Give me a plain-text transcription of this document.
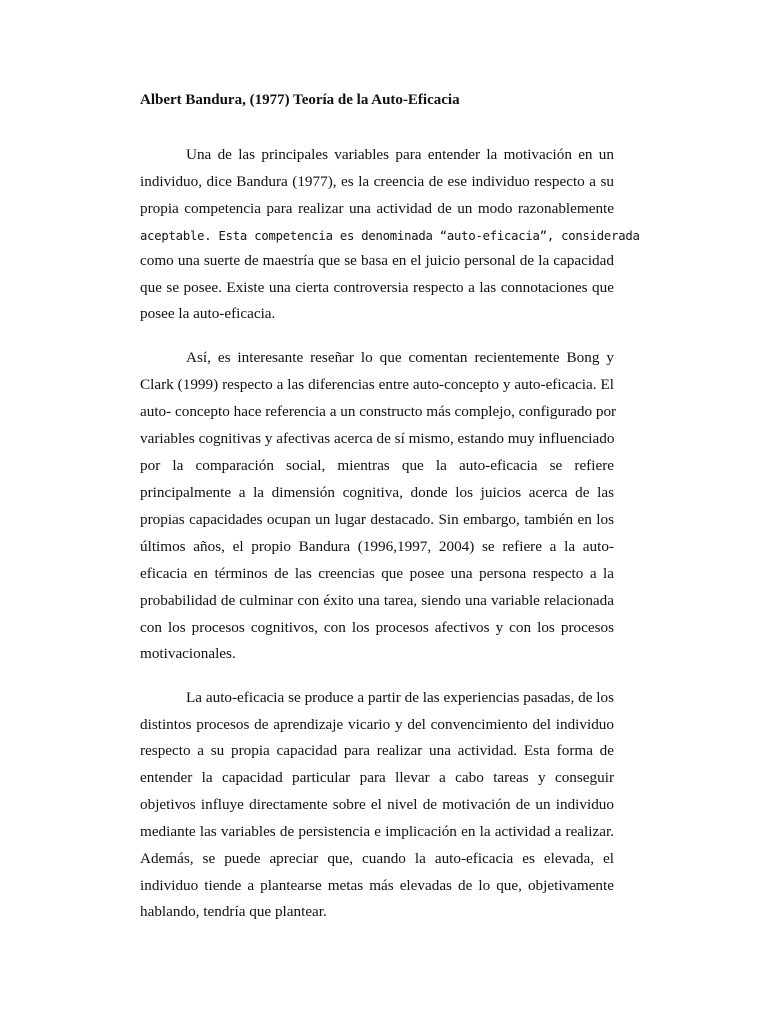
Albert Bandura, (1977) Teoría de la Auto-Eficacia

Una de las principales variables para entender la motivación en un

individuo, dice Bandura (1977), es la creencia de ese individuo respecto a su

propia competencia para realizar una actividad de un modo razonablemente

aceptable. Esta competencia es denominada “auto-eficacia”, considerada

como una suerte de maestría que se basa en el juicio personal de la capacidad

que se posee. Existe una cierta controversia respecto a las connotaciones que

posee la auto-eficacia.

Así, es interesante reseñar lo que comentan recientemente Bong y

Clark (1999) respecto a las diferencias entre auto-concepto y auto-eficacia. El

auto- concepto hace referencia a un constructo más complejo, configurado por

variables cognitivas y afectivas acerca de sí mismo, estando muy influenciado

por la comparación social, mientras que la auto-eficacia se refiere

principalmente a la dimensión cognitiva, donde los juicios acerca de las

propias capacidades ocupan un lugar destacado. Sin embargo, también en los

últimos años, el propio Bandura (1996,1997, 2004) se refiere a la auto-

eficacia en términos de las creencias que posee una persona respecto a la

probabilidad de culminar con éxito una tarea, siendo una variable relacionada

con los procesos cognitivos, con los procesos afectivos y con los procesos

motivacionales.

La auto-eficacia se produce a partir de las experiencias pasadas, de los

distintos procesos de aprendizaje vicario y del convencimiento del individuo

respecto a su propia capacidad para realizar una actividad. Esta forma de

entender la capacidad particular para llevar a cabo tareas y conseguir

objetivos influye directamente sobre el nivel de motivación de un individuo

mediante las variables de persistencia e implicación en la actividad a realizar.

Además, se puede apreciar que, cuando la auto-eficacia es elevada, el

individuo tiende a plantearse metas más elevadas de lo que, objetivamente

hablando, tendría que plantear.
